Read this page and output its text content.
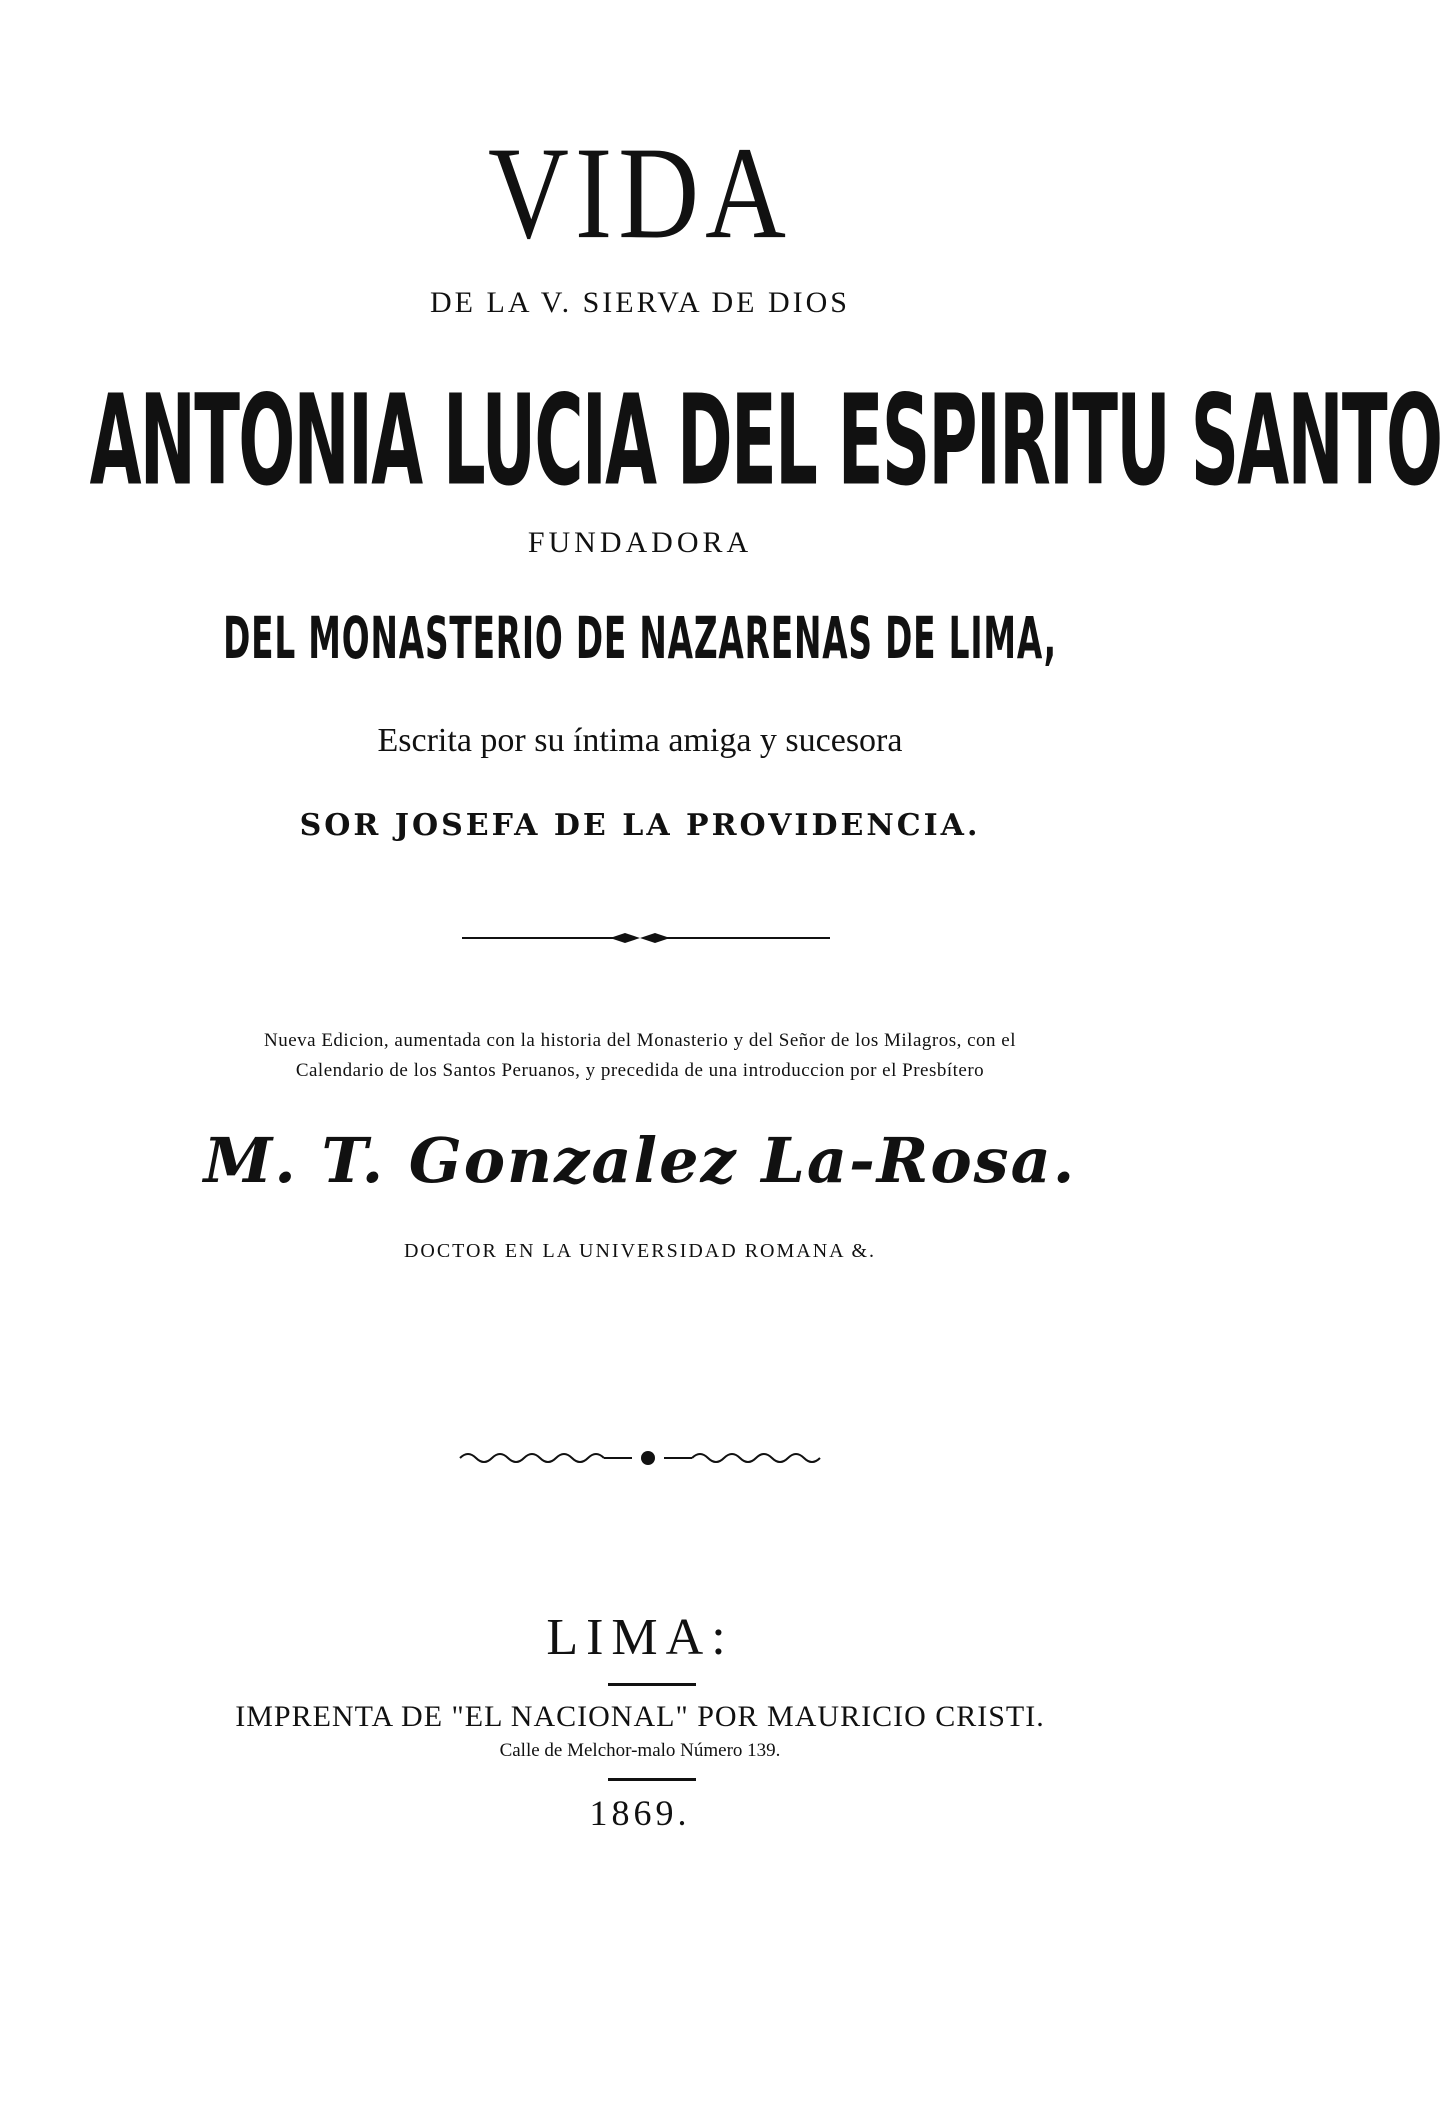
VIDA
DE LA V. SIERVA DE DIOS
ANTONIA LUCIA DEL ESPIRITU SANTO
FUNDADORA
DEL MONASTERIO DE NAZARENAS DE LIMA,
Escrita por su íntima amiga y sucesora
SOR JOSEFA DE LA PROVIDENCIA.
Nueva Edicion, aumentada con la historia del Monasterio y del Señor de los Milagros, con el
Calendario de los Santos Peruanos, y precedida de una introduccion por el Presbítero
M. T. Gonzalez La-Rosa.
DOCTOR EN LA UNIVERSIDAD ROMANA &.
LIMA:
IMPRENTA DE "EL NACIONAL" POR MAURICIO CRISTI.
Calle de Melchor-malo Número 139.
1869.
